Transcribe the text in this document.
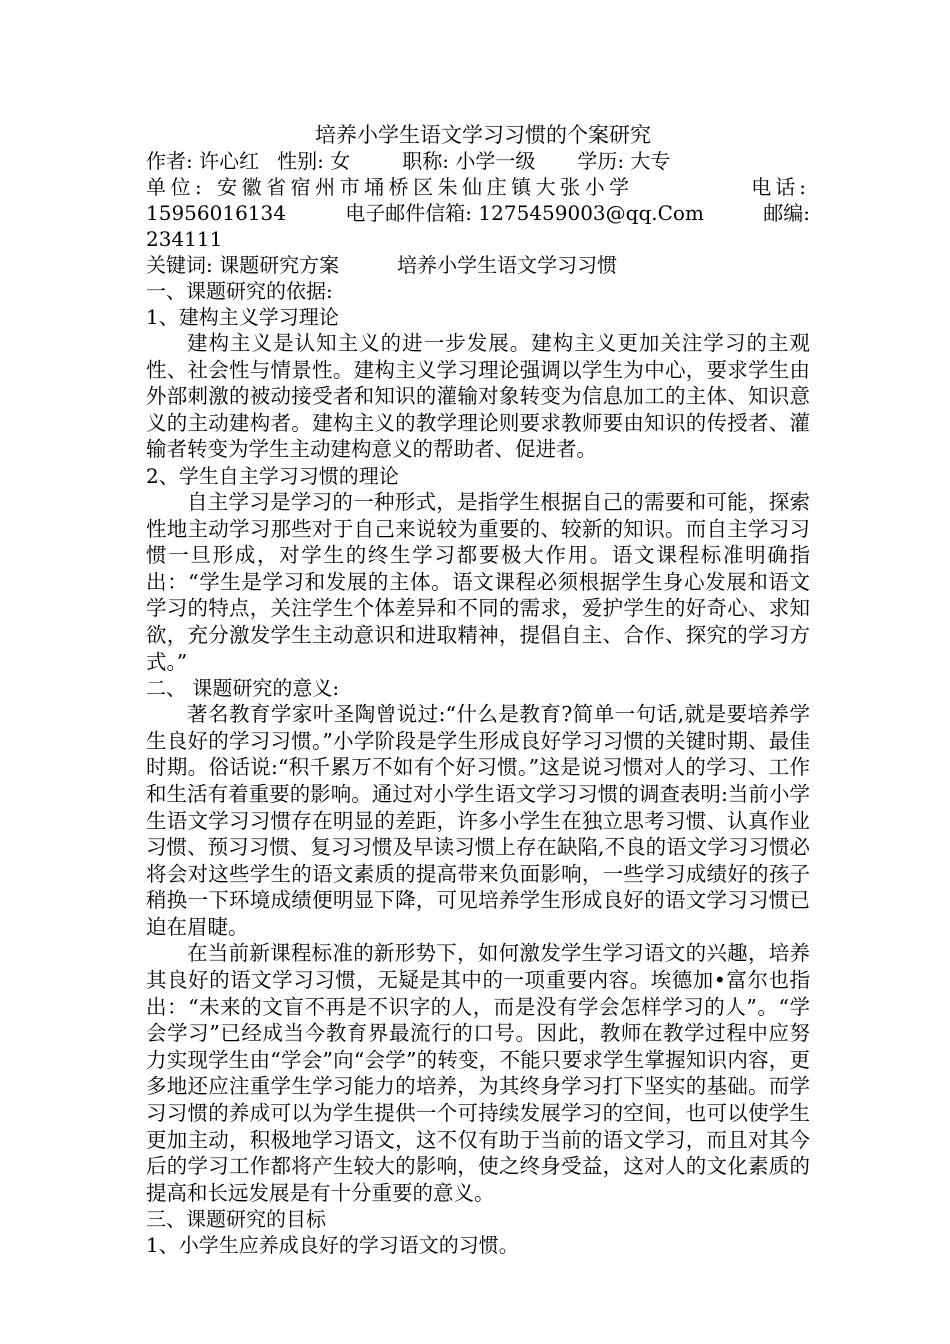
培养小学生语文学习习惯的个案研究
作者: 许心红 性别: 女	职称: 小学一级 学历: 大专
单位: 安徽省宿州市埇桥区朱仙庄镇大张小学	电话:
15956016134	电子邮件信箱: 1275459003@qq.Com	邮编:
234111
关键词: 课题研究方案	培养小学生语文学习习惯

一、课题研究的依据:

1、建构主义学习理论

建构主义是认知主义的进一步发展。建构主义更加关注学习的主观性、社会性与情景性。建构主义学习理论强调以学生为中心，要求学生由外部刺激的被动接受者和知识的灌输对象转变为信息加工的主体、知识意义的主动建构者。建构主义的教学理论则要求教师要由知识的传授者、灌输者转变为学生主动建构意义的帮助者、促进者。

2、学生自主学习习惯的理论

自主学习是学习的一种形式，是指学生根据自己的需要和可能，探索性地主动学习那些对于自己来说较为重要的、较新的知识。而自主学习习惯一旦形成，对学生的终生学习都要极大作用。语文课程标准明确指出：“学生是学习和发展的主体。语文课程必须根据学生身心发展和语文学习的特点，关注学生个体差异和不同的需求，爱护学生的好奇心、求知欲，充分激发学生主动意识和进取精神，提倡自主、合作、探究的学习方式。”

二、 课题研究的意义:

著名教育学家叶圣陶曾说过:“什么是教育?简单一句话,就是要培养学生良好的学习习惯。”小学阶段是学生形成良好学习习惯的关键时期、最佳时期。俗话说:“积千累万不如有个好习惯。”这是说习惯对人的学习、工作和生活有着重要的影响。通过对小学生语文学习习惯的调查表明:当前小学生语文学习习惯存在明显的差距，许多小学生在独立思考习惯、认真作业习惯、预习习惯、复习习惯及早读习惯上存在缺陷,不良的语文学习习惯必将会对这些学生的语文素质的提高带来负面影响，一些学习成绩好的孩子稍换一下环境成绩便明显下降，可见培养学生形成良好的语文学习习惯已迫在眉睫。

在当前新课程标准的新形势下，如何激发学生学习语文的兴趣，培养其良好的语文学习习惯，无疑是其中的一项重要内容。埃德加•富尔也指出：“未来的文盲不再是不识字的人，而是没有学会怎样学习的人”。“学会学习”已经成当今教育界最流行的口号。因此，教师在教学过程中应努力实现学生由“学会”向“会学”的转变，不能只要求学生掌握知识内容，更多地还应注重学生学习能力的培养，为其终身学习打下坚实的基础。而学习习惯的养成可以为学生提供一个可持续发展学习的空间，也可以使学生更加主动，积极地学习语文，这不仅有助于当前的语文学习，而且对其今后的学习工作都将产生较大的影响，使之终身受益，这对人的文化素质的提高和长远发展是有十分重要的意义。

三、课题研究的目标

1、小学生应养成良好的学习语文的习惯。
